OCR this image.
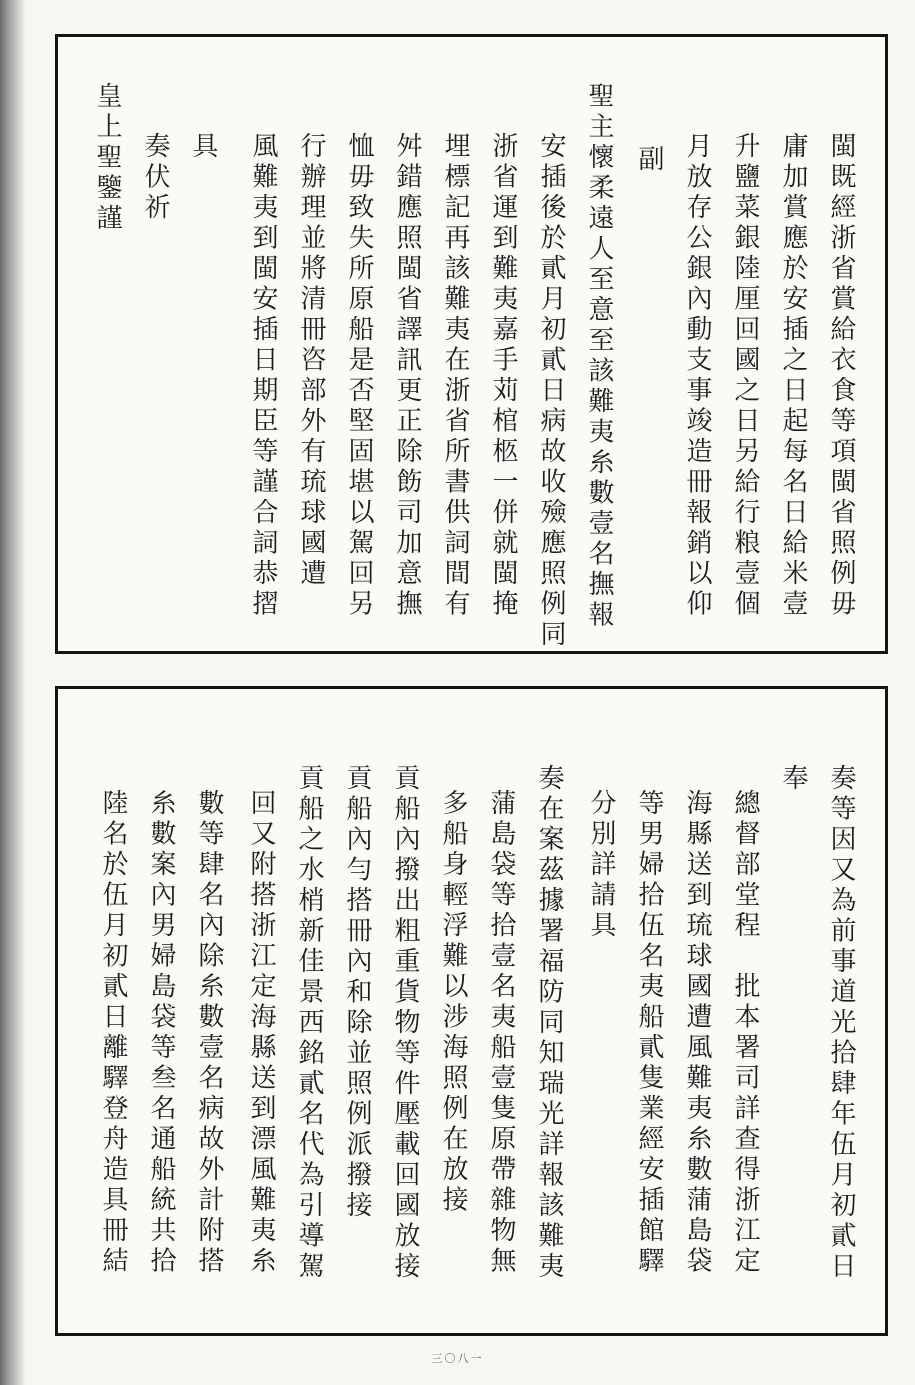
閩既經浙省賞給衣食等項閩省照例毋
庸加賞應於安插之日起每名日給米壹
升鹽菜銀陸厘回國之日另給行粮壹個
月放存公銀內動支事竣造冊報銷以仰
副
聖主懷柔遠人至意至該難夷糸數壹名撫報
安插後於貳月初貳日病故收殮應照例同
浙省運到難夷嘉手苅棺柩一併就閩掩
埋標記再該難夷在浙省所書供詞間有
舛錯應照閩省譯訊更正除飭司加意撫
恤毋致失所原船是否堅固堪以駕回另
行辦理並將清冊咨部外有琉球國遭
風難夷到閩安插日期臣等謹合詞恭摺
具
奏伏祈
皇上聖鑒謹
奏等因又為前事道光拾肆年伍月初貳日
奉
總督部堂程　批本署司詳查得浙江定
海縣送到琉球國遭風難夷糸數蒲島袋
等男婦拾伍名夷船貳隻業經安插館驛
分別詳請具
奏在案茲據署福防同知瑞光詳報該難夷
蒲島袋等拾壹名夷船壹隻原帶雜物無
多船身輕浮難以涉海照例在放接
貢船內撥出粗重貨物等件壓載回國放接
貢船內勻搭冊內和除並照例派撥接
貢船之水梢新佳景西銘貳名代為引導駕
回又附搭浙江定海縣送到漂風難夷糸
數等肆名內除糸數壹名病故外計附搭
糸數案內男婦島袋等叁名通船統共拾
陸名於伍月初貳日離驛登舟造具冊結
三〇八一
